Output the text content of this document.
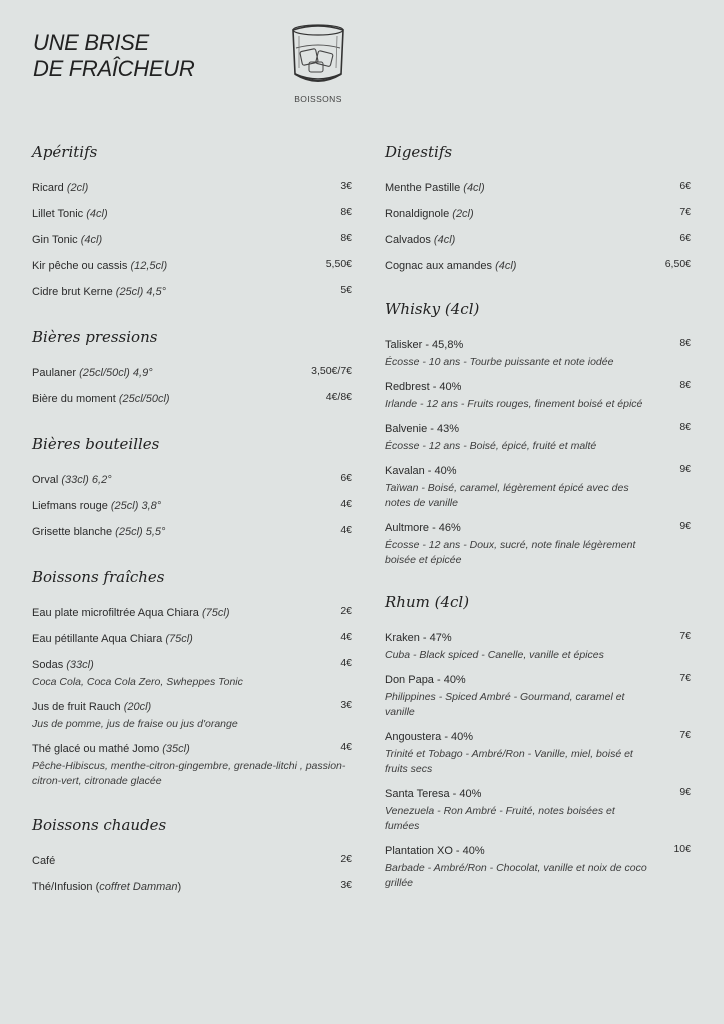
UNE BRISE
DE FRAÎCHEUR
BOISSONS
Apéritifs
Ricard (2cl)	3€
Lillet Tonic (4cl)	8€
Gin Tonic (4cl)	8€
Kir pêche ou cassis (12,5cl)	5,50€
Cidre brut Kerne (25cl) 4,5°	5€
Bières pressions
Paulaner (25cl/50cl) 4,9°	3,50€/7€
Bière du moment (25cl/50cl)	4€/8€
Bières bouteilles
Orval (33cl) 6,2°	6€
Liefmans rouge (25cl) 3,8°	4€
Grisette blanche (25cl) 5,5°	4€
Boissons fraîches
Eau plate microfiltrée Aqua Chiara (75cl)	2€
Eau pétillante Aqua Chiara (75cl)	4€
Sodas (33cl)	4€
Coca Cola, Coca Cola Zero, Swheppes Tonic
Jus de fruit Rauch (20cl)	3€
Jus de pomme, jus de fraise ou jus d'orange
Thé glacé ou mathé Jomo (35cl)	4€
Pêche-Hibiscus, menthe-citron-gingembre, grenade-litchi , passion-citron-vert, citronade glacée
Boissons chaudes
Café	2€
Thé/Infusion (coffret Damman)	3€
Digestifs
Menthe Pastille (4cl)	6€
Ronaldignole (2cl)	7€
Calvados (4cl)	6€
Cognac aux amandes (4cl)	6,50€
Whisky (4cl)
Talisker - 45,8%	8€
Écosse - 10 ans - Tourbe puissante et note iodée
Redbrest - 40%	8€
Irlande - 12 ans - Fruits rouges, finement boisé et épicé
Balvenie - 43%	8€
Écosse - 12 ans - Boisé, épicé, fruité et malté
Kavalan - 40%	9€
Taïwan - Boisé, caramel, légèrement épicé avec des notes de vanille
Aultmore - 46%	9€
Écosse - 12 ans - Doux, sucré, note finale légèrement boisée et épicée
Rhum (4cl)
Kraken - 47%	7€
Cuba - Black spiced - Canelle, vanille et épices
Don Papa - 40%	7€
Philippines - Spiced Ambré - Gourmand, caramel et vanille
Angoustera - 40%	7€
Trinité et Tobago - Ambré/Ron - Vanille, miel, boisé et fruits secs
Santa Teresa - 40%	9€
Venezuela - Ron Ambré - Fruité, notes boisées et fumées
Plantation XO - 40%	10€
Barbade - Ambré/Ron - Chocolat, vanille et noix de coco grillée
